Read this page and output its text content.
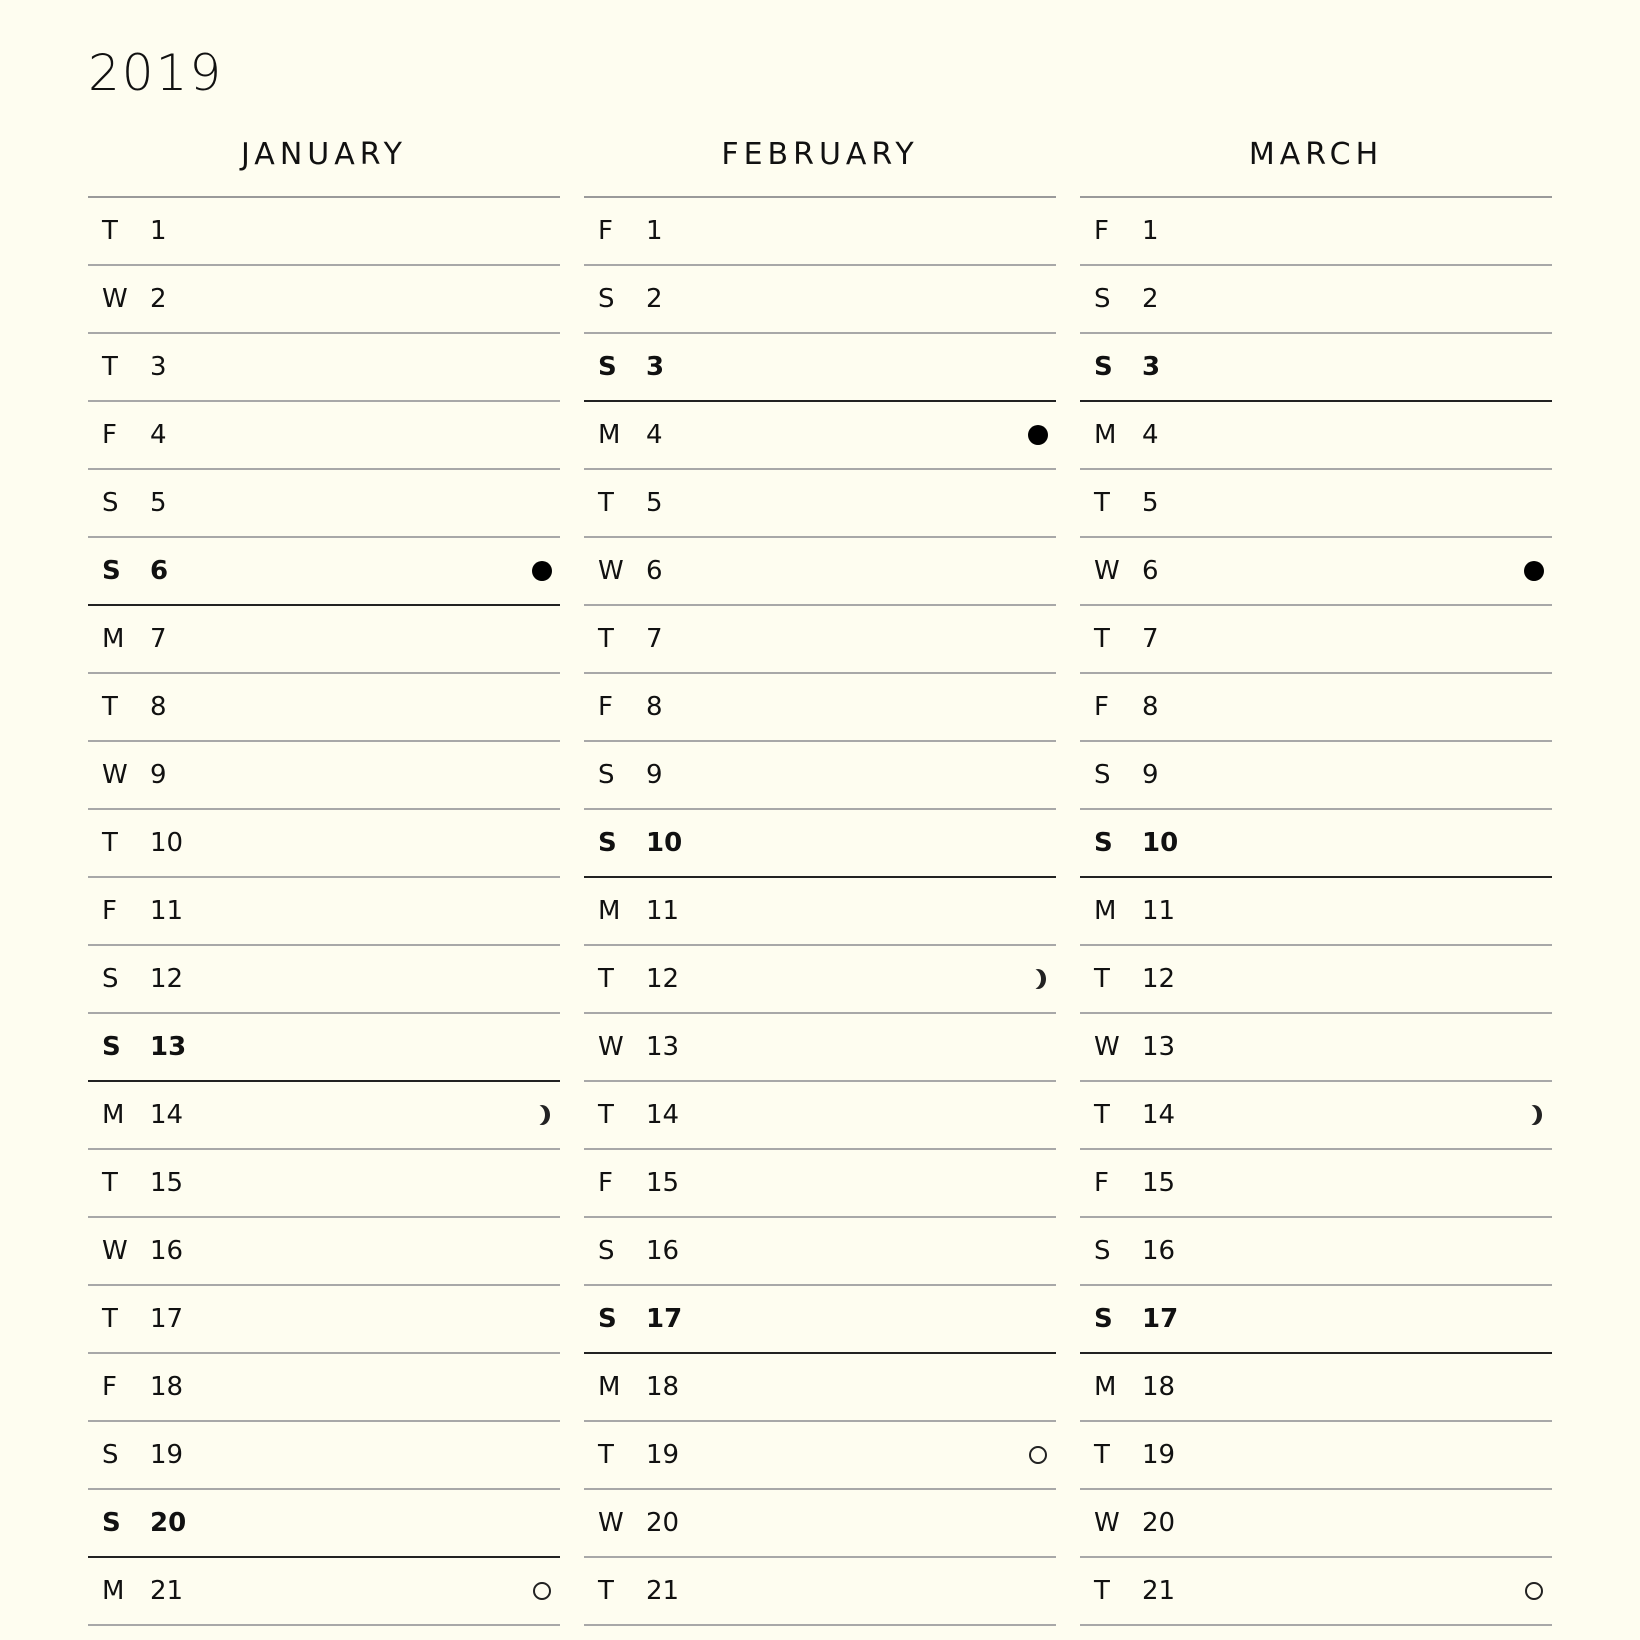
2019
JANUARY
T	1
W 2
T	3
F	4
S	5
S	6
M 7
T	8
W 9
T	10
F	11
S	12
S	13
M 14
T	15
W 16
T	17
F	18
S	19
S	20
M 21
FEBRUARY
F	1
S	2
S	3
M 4
T	5
W 6
T	7
F	8
S	9
S	10
M 11
T	12
W 13
T	14
F	15
S	16
S	17
M 18
T	19
W 20
T	21
MARCH
F	1
S	2
S	3
M 4
T	5
W 6
T	7
F	8
S	9
S	10
M 11
T	12
W 13
T	14
F	15
S	16
S	17
M 18
T	19
W 20
T	21
